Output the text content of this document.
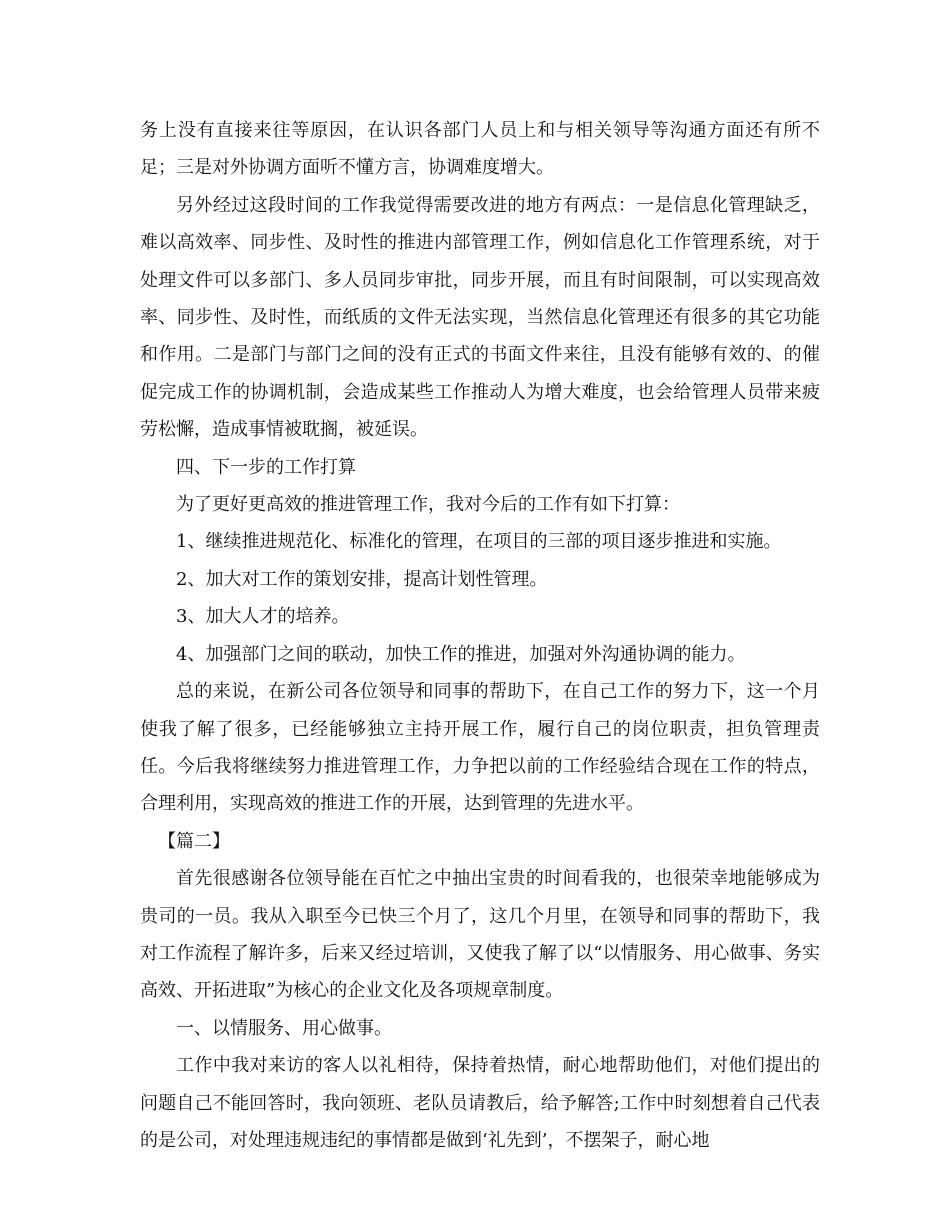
务上没有直接来往等原因，在认识各部门人员上和与相关领导等沟通方面还有所不足；三是对外协调方面听不懂方言，协调难度增大。

另外经过这段时间的工作我觉得需要改进的地方有两点：一是信息化管理缺乏，难以高效率、同步性、及时性的推进内部管理工作，例如信息化工作管理系统，对于处理文件可以多部门、多人员同步审批，同步开展，而且有时间限制，可以实现高效率、同步性、及时性，而纸质的文件无法实现，当然信息化管理还有很多的其它功能和作用。二是部门与部门之间的没有正式的书面文件来往，且没有能够有效的、的催促完成工作的协调机制，会造成某些工作推动人为增大难度，也会给管理人员带来疲劳松懈，造成事情被耽搁，被延误。

四、下一步的工作打算

为了更好更高效的推进管理工作，我对今后的工作有如下打算：

1、继续推进规范化、标准化的管理，在项目的三部的项目逐步推进和实施。

2、加大对工作的策划安排，提高计划性管理。

3、加大人才的培养。

4、加强部门之间的联动，加快工作的推进，加强对外沟通协调的能力。

总的来说，在新公司各位领导和同事的帮助下，在自己工作的努力下，这一个月使我了解了很多，已经能够独立主持开展工作，履行自己的岗位职责，担负管理责任。今后我将继续努力推进管理工作，力争把以前的工作经验结合现在工作的特点，合理利用，实现高效的推进工作的开展，达到管理的先进水平。

【篇二】

首先很感谢各位领导能在百忙之中抽出宝贵的时间看我的，也很荣幸地能够成为贵司的一员。我从入职至今已快三个月了，这几个月里，在领导和同事的帮助下，我对工作流程了解许多，后来又经过培训，又使我了解了以“以情服务、用心做事、务实高效、开拓进取”为核心的企业文化及各项规章制度。

一、以情服务、用心做事。

工作中我对来访的客人以礼相待，保持着热情，耐心地帮助他们，对他们提出的问题自己不能回答时，我向领班、老队员请教后，给予解答;工作中时刻想着自己代表的是公司，对处理违规违纪的事情都是做到‘礼先到’，不摆架子，耐心地
